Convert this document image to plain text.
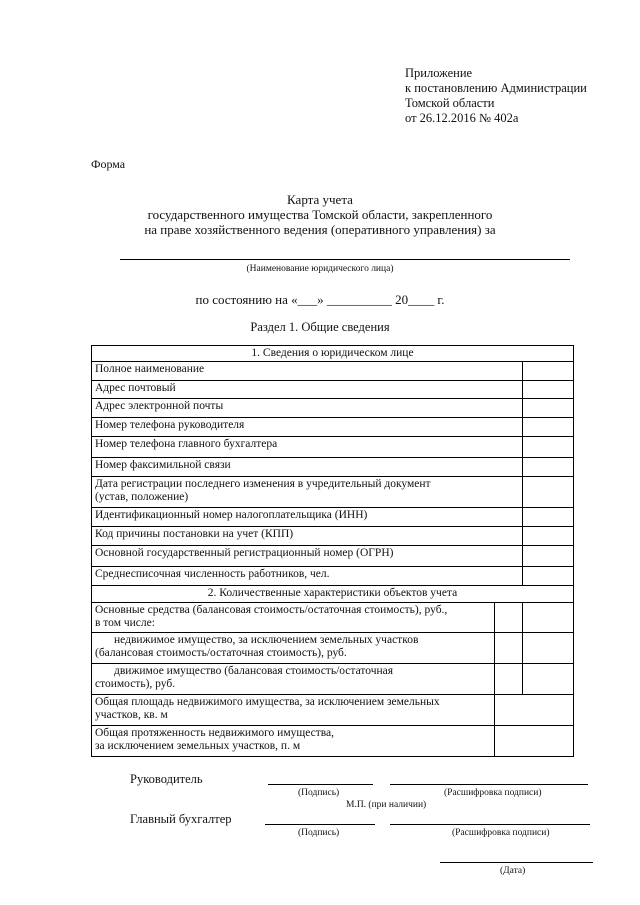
Приложение
к постановлению Администрации
Томской области
от 26.12.2016 № 402а
Форма
Карта учета
государственного имущества Томской области, закрепленного
на праве хозяйственного ведения (оперативного управления) за
(Наименование юридического лица)
по состоянию на «___» __________ 20____ г.
Раздел 1. Общие сведения
1. Сведения о юридическом лице		
Полное наименование		
Адрес почтовый		
Адрес электронной почты		
Номер телефона руководителя		
Номер телефона главного бухгалтера		
Номер факсимильной связи		

Дата регистрации последнего изменения в учредительный документ
(устав, положение)		

Идентификационный номер налогоплательщика (ИНН)		
Код причины постановки на учет (КПП)		
Основной государственный регистрационный номер (ОГРН)		
Среднесписочная численность работников, чел.		
2. Количественные характеристики объектов учета		

Основные средства (балансовая стоимость/остаточная стоимость), руб.,
в том числе:		

недвижимое имущество, за исключением земельных участков
(балансовая стоимость/остаточная стоимость), руб.		

движимое имущество (балансовая стоимость/остаточная
стоимость), руб.		

Общая площадь недвижимого имущества, за исключением земельных
участков, кв. м		

Общая протяженность недвижимого имущества,
за исключением земельных участков, п. м		

Руководитель
(Подпись)	(Расшифровка подписи)
М.П. (при наличии)
Главный бухгалтер
(Подпись)	(Расшифровка подписи)
(Дата)
